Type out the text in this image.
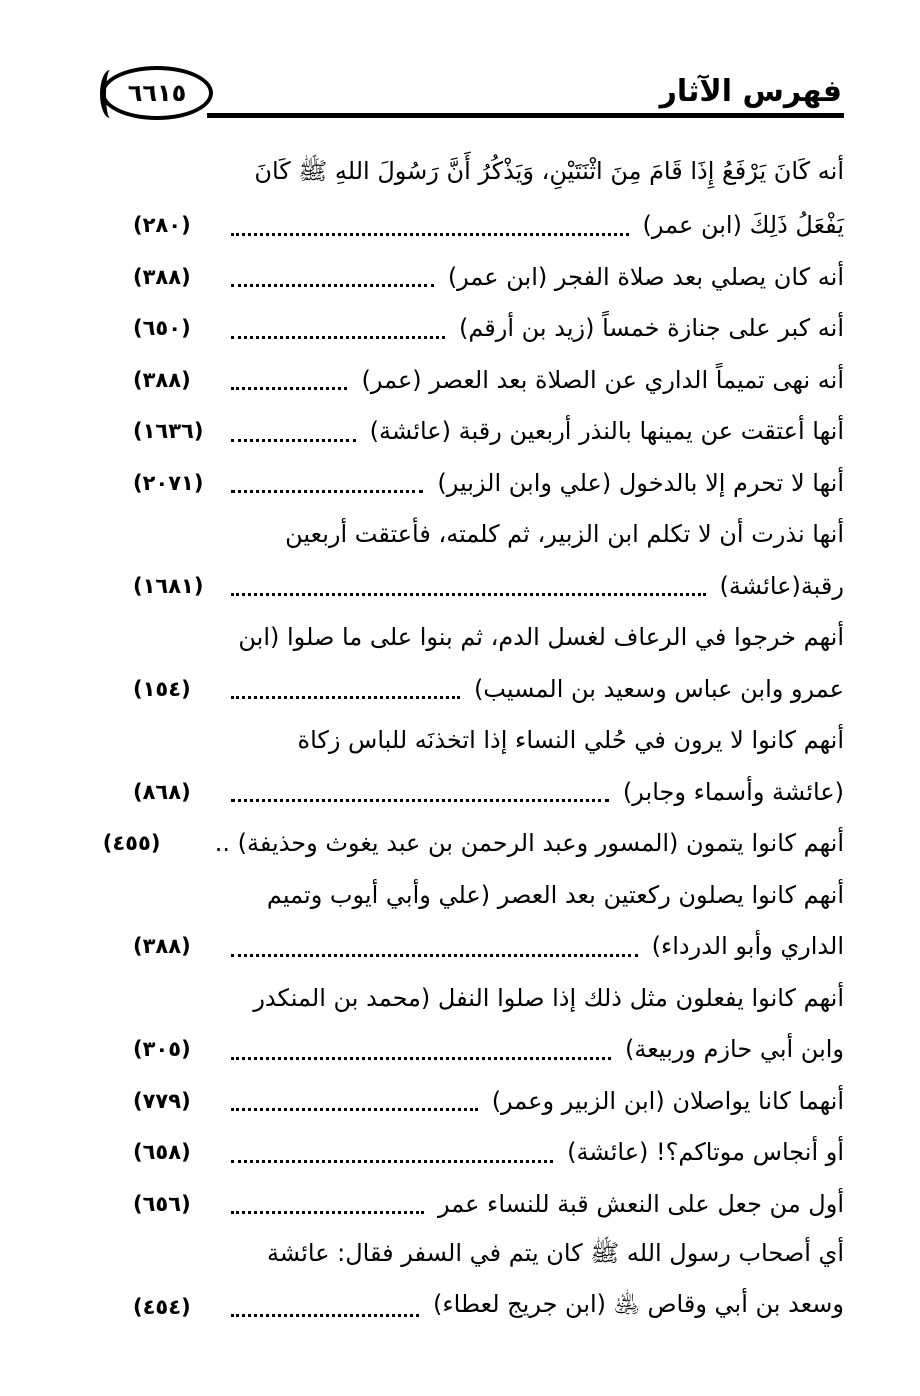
٦٦١٥	فهرس الآثار
أنه كَانَ يَرْفَعُ إِذَا قَامَ مِنَ اثْنَتَيْنِ، وَيَذْكُرُ أَنَّ رَسُولَ اللهِ ﷺ كَانَ
يَفْعَلُ ذَلِكَ (ابن عمر)
(٢٨٠)
أنه كان يصلي بعد صلاة الفجر (ابن عمر)
(٣٨٨)
أنه كبر على جنازة خمساً (زيد بن أرقم)
(٦٥٠)
أنه نهى تميماً الداري عن الصلاة بعد العصر (عمر)
(٣٨٨)
أنها أعتقت عن يمينها بالنذر أربعين رقبة (عائشة)
(١٦٣٦)
أنها لا تحرم إلا بالدخول (علي وابن الزبير)
(٢٠٧١)
أنها نذرت أن لا تكلم ابن الزبير، ثم كلمته، فأعتقت أربعين
رقبة(عائشة)
(١٦٨١)
أنهم خرجوا في الرعاف لغسل الدم، ثم بنوا على ما صلوا (ابن
عمرو وابن عباس وسعيد بن المسيب)
(١٥٤)
أنهم كانوا لا يرون في حُلي النساء إذا اتخذنَه للباس زكاة
(عائشة وأسماء وجابر)
(٨٦٨)
أنهم كانوا يتمون (المسور وعبد الرحمن بن عبد يغوث وحذيفة) ..
(٤٥٥)
أنهم كانوا يصلون ركعتين بعد العصر (علي وأبي أيوب وتميم
الداري وأبو الدرداء)
(٣٨٨)
أنهم كانوا يفعلون مثل ذلك إذا صلوا النفل (محمد بن المنكدر
وابن أبي حازم وربيعة)
(٣٠٥)
أنهما كانا يواصلان (ابن الزبير وعمر)
(٧٧٩)
أو أنجاس موتاكم؟! (عائشة)
(٦٥٨)
أول من جعل على النعش قبة للنساء عمر
(٦٥٦)
أي أصحاب رسول الله ﷺ كان يتم في السفر فقال: عائشة
وسعد بن أبي وقاص ﵁ (ابن جريج لعطاء)
(٤٥٤)
